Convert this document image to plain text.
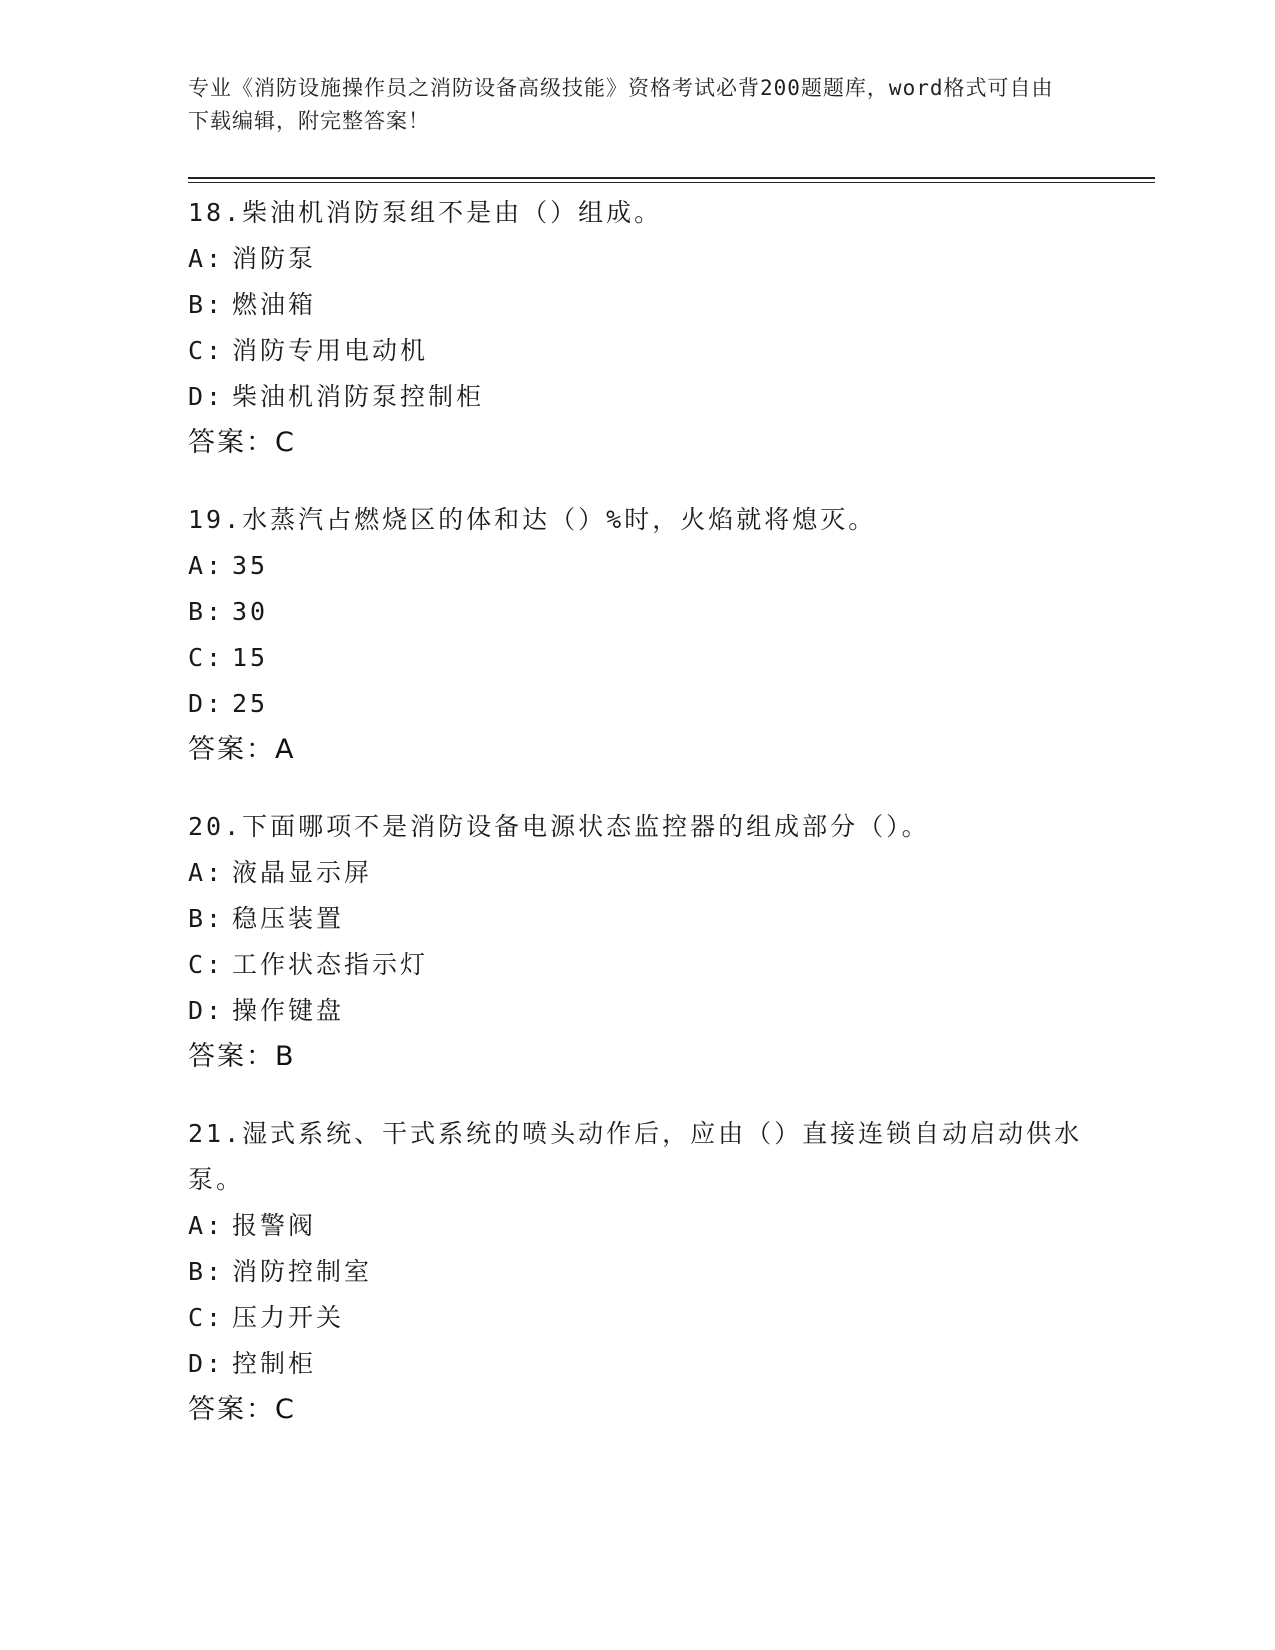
专业《消防设施操作员之消防设备高级技能》资格考试必背200题题库，word格式可自由下载编辑，附完整答案！
18.柴油机消防泵组不是由（）组成。
A: 消防泵
B: 燃油箱
C: 消防专用电动机
D: 柴油机消防泵控制柜
答案：C
19.水蒸汽占燃烧区的体和达（）%时，火焰就将熄灭。
A: 35
B: 30
C: 15
D: 25
答案：A
20.下面哪项不是消防设备电源状态监控器的组成部分（）。
A: 液晶显示屏
B: 稳压装置
C: 工作状态指示灯
D: 操作键盘
答案：B
21.湿式系统、干式系统的喷头动作后，应由（）直接连锁自动启动供水泵。
A: 报警阀
B: 消防控制室
C: 压力开关
D: 控制柜
答案：C
